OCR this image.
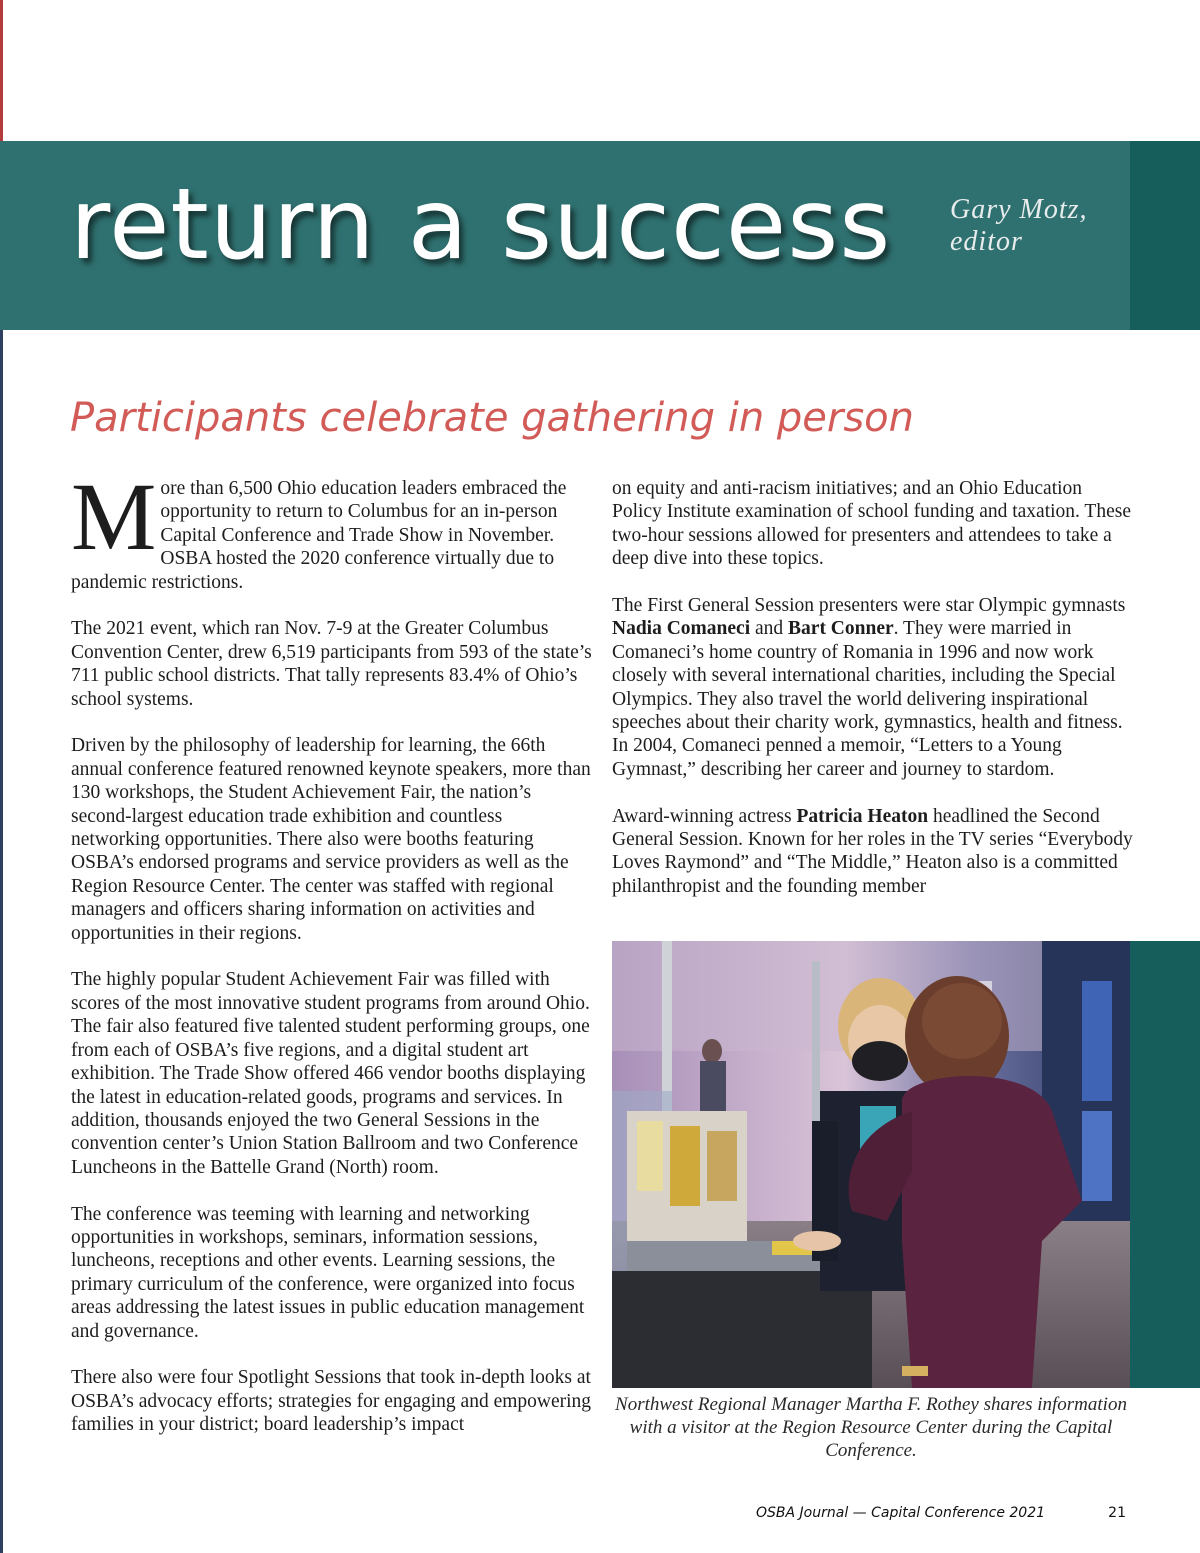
return a success Gary Motz,
editor
Participants celebrate gathering in person

More than 6,500 Ohio education leaders embraced the opportunity to return to Columbus for an in-person Capital Conference and Trade Show in November. OSBA hosted the 2020 conference virtually due to pandemic restrictions.

The 2021 event, which ran Nov. 7-9 at the Greater Columbus Convention Center, drew 6,519 participants from 593 of the state’s 711 public school districts. That tally represents 83.4% of Ohio’s school systems.

Driven by the philosophy of leadership for learning, the 66th annual conference featured renowned keynote speakers, more than 130 workshops, the Student Achievement Fair, the nation’s second-largest education trade exhibition and countless networking opportunities. There also were booths featuring OSBA’s endorsed programs and service providers as well as the Region Resource Center. The center was staffed with regional managers and officers sharing information on activities and opportunities in their regions.

The highly popular Student Achievement Fair was filled with scores of the most innovative student programs from around Ohio. The fair also featured five talented student performing groups, one from each of OSBA’s five regions, and a digital student art exhibition. The Trade Show offered 466 vendor booths displaying the latest in education-related goods, programs and services. In addition, thousands enjoyed the two General Sessions in the convention center’s Union Station Ballroom and two Conference Luncheons in the Battelle Grand (North) room.

The conference was teeming with learning and networking opportunities in workshops, seminars, information sessions, luncheons, receptions and other events. Learning sessions, the primary curriculum of the conference, were organized into focus areas addressing the latest issues in public education management and governance.

There also were four Spotlight Sessions that took in-depth looks at OSBA’s advocacy efforts; strategies for engaging and empowering families in your district; board leadership’s impact

on equity and anti-racism initiatives; and an Ohio Education Policy Institute examination of school funding and taxation. These two-hour sessions allowed for presenters and attendees to take a deep dive into these topics.

The First General Session presenters were star Olympic gymnasts Nadia Comaneci and Bart Conner. They were married in Comaneci’s home country of Romania in 1996 and now work closely with several international charities, including the Special Olympics. They also travel the world delivering inspirational speeches about their charity work, gymnastics, health and fitness. In 2004, Comaneci penned a memoir, “Letters to a Young Gymnast,” describing her career and journey to stardom.

Award-winning actress Patricia Heaton headlined the Second General Session. Known for her roles in the TV series “Everybody Loves Raymond” and “The Middle,” Heaton also is a committed philanthropist and the founding member

Northwest Regional Manager Martha F. Rothey shares information with a visitor at the Region Resource Center during the Capital Conference.
OSBA Journal — Capital Conference 2021	21
